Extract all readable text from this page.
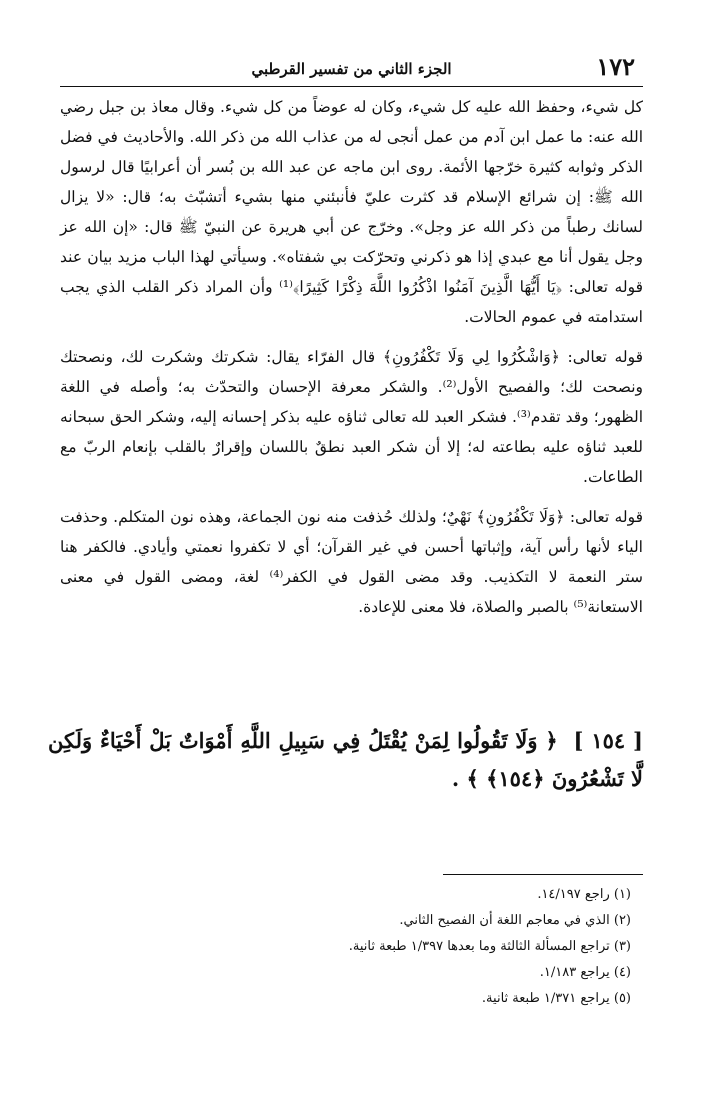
١٧٢
الجزء الثاني من تفسير القرطبي

كل شيء، وحفظ الله عليه كل شيء، وكان له عوضاً من كل شيء. وقال معاذ بن جبل رضي الله عنه: ما عمل ابن آدم من عمل أنجى له من عذاب الله من ذكر الله. والأحاديث في فضل الذكر وثوابه كثيرة خرّجها الأئمة. روى ابن ماجه عن عبد الله بن بُسر أن أعرابيًا قال لرسول الله ﷺ: إن شرائع الإسلام قد كثرت عليّ فأنبئني منها بشيء أتشبّث به؛ قال: «لا يزال لسانك رطباً من ذكر الله عز وجل». وخرّج عن أبي هريرة عن النبيّ ﷺ قال: «إن الله عز وجل يقول أنا مع عبدي إذا هو ذكرني وتحرّكت بي شفتاه». وسيأتي لهذا الباب مزيد بيان عند قوله تعالى: ﴿يَا أَيُّهَا الَّذِينَ آمَنُوا اذْكُرُوا اللَّهَ ذِكْرًا كَثِيرًا﴾⁽¹⁾ وأن المراد ذكر القلب الذي يجب استدامته في عموم الحالات.

قوله تعالى: ﴿وَاشْكُرُوا لِي وَلَا تَكْفُرُونِ﴾ قال الفرّاء يقال: شكرتك وشكرت لك، ونصحتك ونصحت لك؛ والفصيح الأول⁽²⁾. والشكر معرفة الإحسان والتحدّث به؛ وأصله في اللغة الظهور؛ وقد تقدم⁽³⁾. فشكر العبد لله تعالى ثناؤه عليه بذكر إحسانه إليه، وشكر الحق سبحانه للعبد ثناؤه عليه بطاعته له؛ إلا أن شكر العبد نطقٌ باللسان وإقرارٌ بالقلب بإنعام الربّ مع الطاعات.

قوله تعالى: ﴿وَلَا تَكْفُرُونِ﴾ نَهْيٌ؛ ولذلك حُذفت منه نون الجماعة، وهذه نون المتكلم. وحذفت الياء لأنها رأس آية، وإثباتها أحسن في غير القرآن؛ أي لا تكفروا نعمتي وأيادي. فالكفر هنا ستر النعمة لا التكذيب. وقد مضى القول في الكفر⁽⁴⁾ لغة، ومضى القول في معنى الاستعانة⁽⁵⁾ بالصبر والصلاة، فلا معنى للإعادة.

[ ١٥٤ ] ﴿ وَلَا تَقُولُوا لِمَنْ يُقْتَلُ فِي سَبِيلِ اللَّهِ أَمْوَاتٌ بَلْ أَحْيَاءٌ وَلَكِن لَّا تَشْعُرُونَ ﴿١٥٤﴾ ﴾ .
(١) راجع ١٤/١٩٧.
(٢) الذي في معاجم اللغة أن الفصيح الثاني.
(٣) تراجع المسألة الثالثة وما بعدها ١/٣٩٧ طبعة ثانية.
(٤) يراجع ١/١٨٣.
(٥) يراجع ١/٣٧١ طبعة ثانية.
